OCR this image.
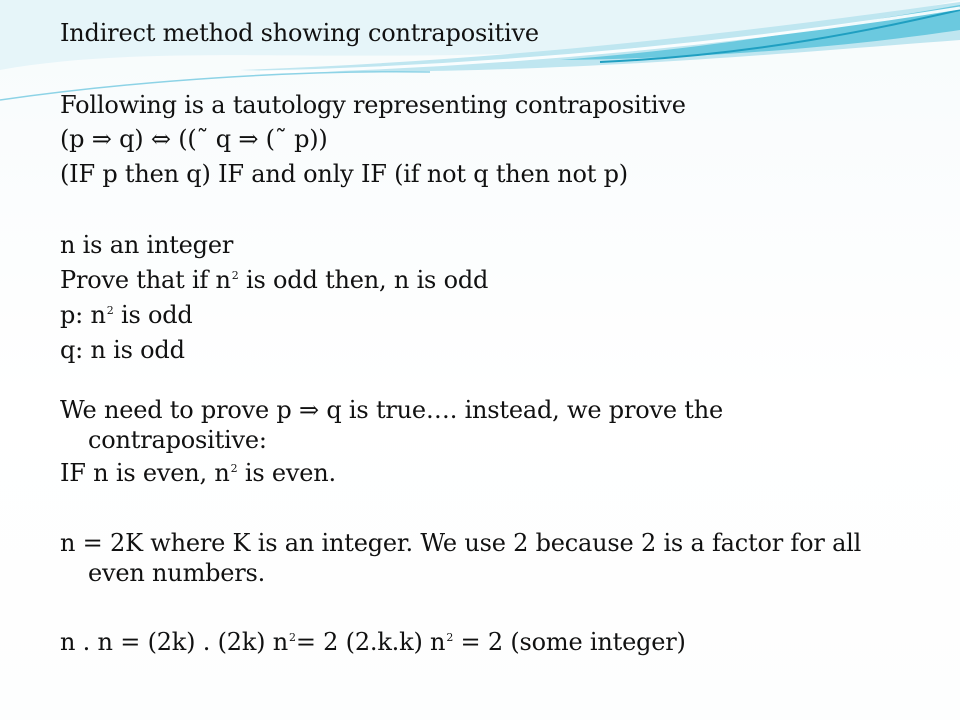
Indirect method showing contrapositive

Following is a tautology representing contrapositive

(p ⇒ q) ⇔ ((˜ q ⇒ (˜ p))

(IF p then q) IF and only IF (if not q then not p)

n is an integer

Prove that if $n^2$ is odd then, n is odd

p: $n^2$ is odd

q: n is odd

We need to prove p ⇒ q is true…. instead, we prove the
contrapositive:

IF n is even, $n^2$ is even.

n = 2K where K is an integer. We use 2 because 2 is a factor for all
even numbers.

n . n = (2k) . (2k) $n^2= 2$ (2.k.k) $n^2 = 2$ (some integer)
